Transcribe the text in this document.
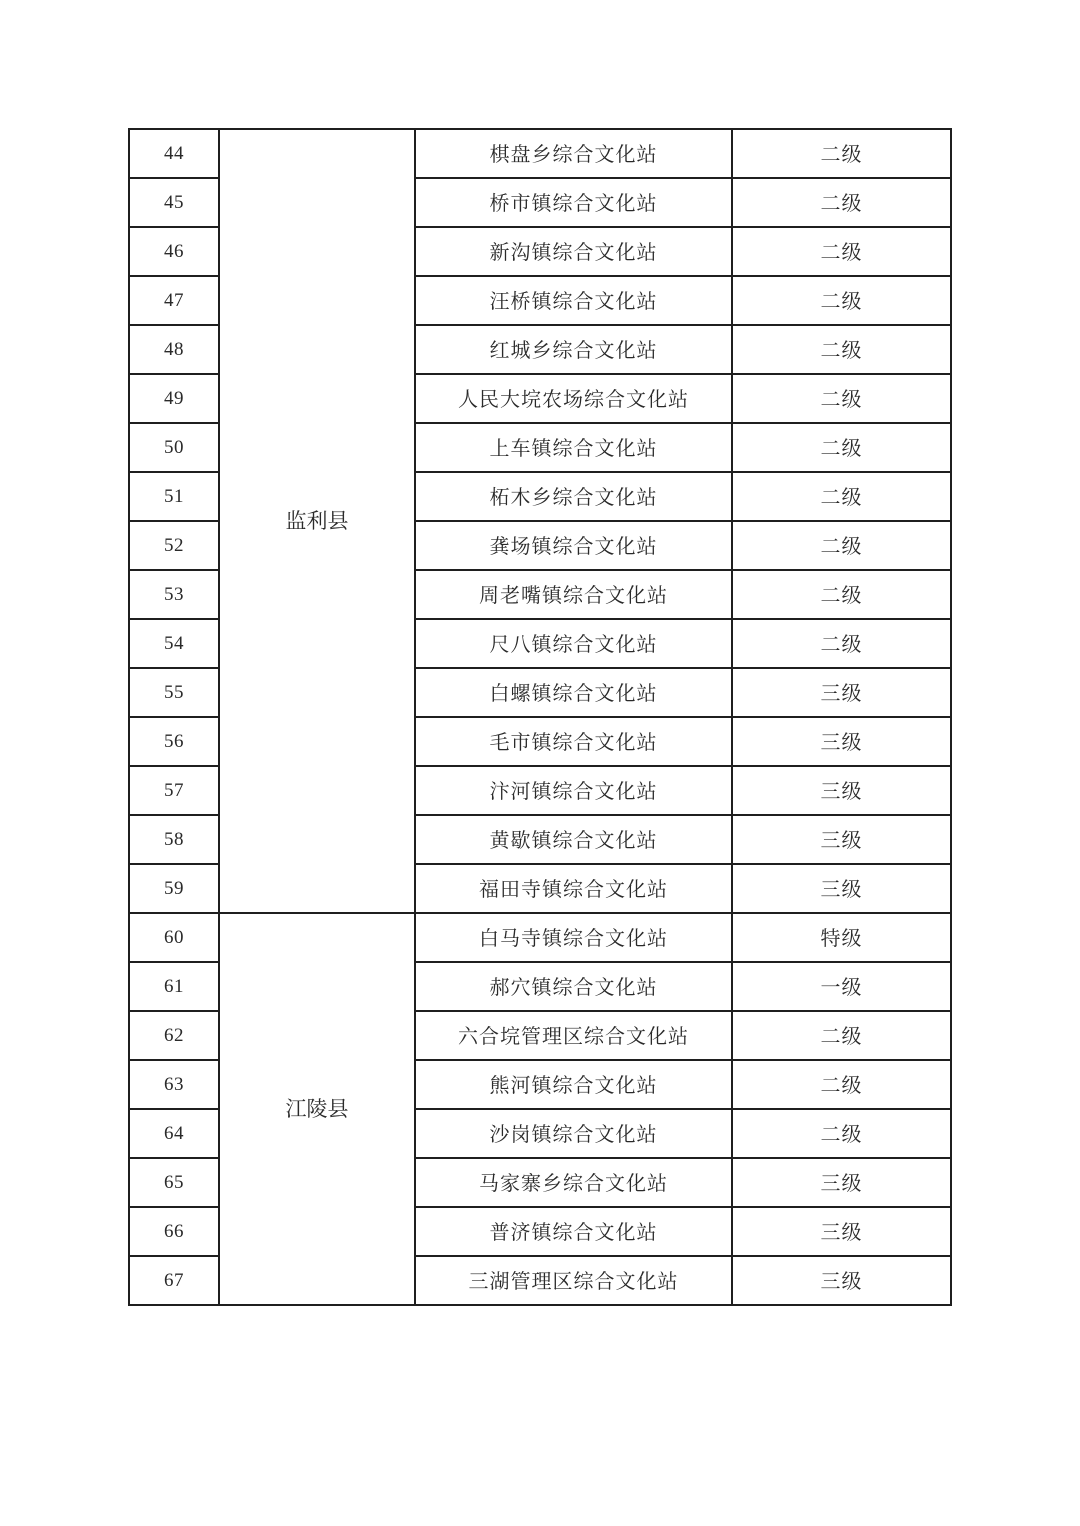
44	监利县	棋盘乡综合文化站	二级
45		桥市镇综合文化站	二级
46		新沟镇综合文化站	二级
47		汪桥镇综合文化站	二级
48		红城乡综合文化站	二级
49		人民大垸农场综合文化站	二级
50		上车镇综合文化站	二级
51		柘木乡综合文化站	二级
52		龚场镇综合文化站	二级
53		周老嘴镇综合文化站	二级
54		尺八镇综合文化站	二级
55		白螺镇综合文化站	三级
56		毛市镇综合文化站	三级
57		汴河镇综合文化站	三级
58		黄歇镇综合文化站	三级
59		福田寺镇综合文化站	三级
60	江陵县	白马寺镇综合文化站	特级
61		郝穴镇综合文化站	一级
62		六合垸管理区综合文化站	二级
63		熊河镇综合文化站	二级
64		沙岗镇综合文化站	二级
65		马家寨乡综合文化站	三级
66		普济镇综合文化站	三级
67		三湖管理区综合文化站	三级
